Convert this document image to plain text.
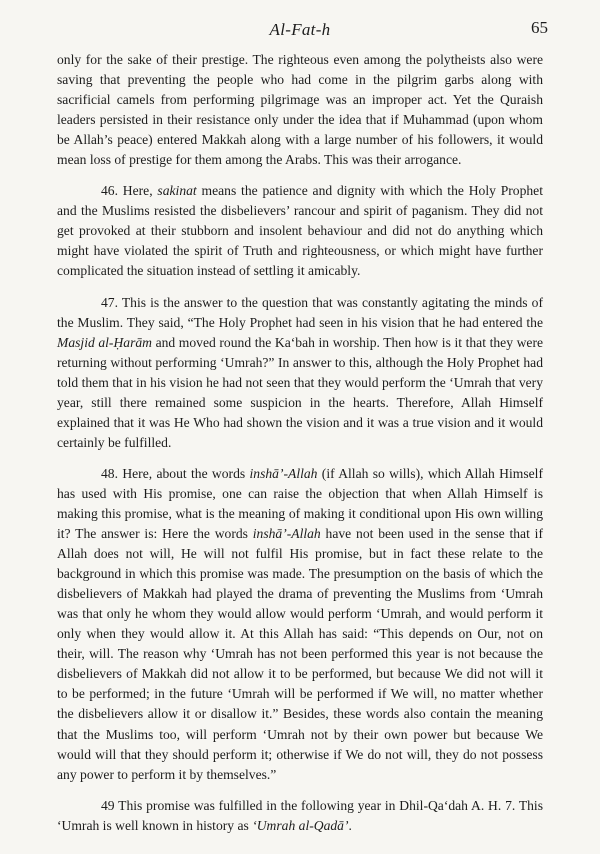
Al-Fat-h	65

only for the sake of their prestige. The righteous even among the polytheists also were saving that preventing the people who had come in the pilgrim garbs along with sacrificial camels from performing pilgrimage was an improper act. Yet the Quraish leaders persisted in their resistance only under the idea that if Muhammad (upon whom be Allah’s peace) entered Makkah along with a large number of his followers, it would mean loss of prestige for them among the Arabs. This was their arrogance.

46. Here, sakinat means the patience and dignity with which the Holy Prophet and the Muslims resisted the disbelievers’ rancour and spirit of paganism. They did not get provoked at their stubborn and insolent behaviour and did not do anything which might have violated the spirit of Truth and righteousness, or which might have further complicated the situation instead of settling it amicably.

47. This is the answer to the question that was constantly agitating the minds of the Muslim. They said, “The Holy Prophet had seen in his vision that he had entered the Masjid al-Ḥarām and moved round the Ka‘bah in worship. Then how is it that they were returning without performing ‘Umrah?” In answer to this, although the Holy Prophet had told them that in his vision he had not seen that they would perform the ‘Umrah that very year, still there remained some suspicion in the hearts. Therefore, Allah Himself explained that it was He Who had shown the vision and it was a true vision and it would certainly be fulfilled.

48. Here, about the words inshā’-Allah (if Allah so wills), which Allah Himself has used with His promise, one can raise the objection that when Allah Himself is making this promise, what is the meaning of making it conditional upon His own willing it? The answer is: Here the words inshā’-Allah have not been used in the sense that if Allah does not will, He will not fulfil His promise, but in fact these relate to the background in which this promise was made. The presumption on the basis of which the disbelievers of Makkah had played the drama of preventing the Muslims from ‘Umrah was that only he whom they would allow would perform ‘Umrah, and would perform it only when they would allow it. At this Allah has said: “This depends on Our, not on their, will. The reason why ‘Umrah has not been performed this year is not because the disbelievers of Makkah did not allow it to be performed, but because We did not will it to be performed; in the future ‘Umrah will be performed if We will, no matter whether the disbelievers allow it or disallow it.” Besides, these words also contain the meaning that the Muslims too, will perform ‘Umrah not by their own power but because We would will that they should perform it; otherwise if We do not will, they do not possess any power to perform it by themselves.”

49 This promise was fulfilled in the following year in Dhil-Qa‘dah A. H. 7. This ‘Umrah is well known in history as ‘Umrah al-Qadā’.
